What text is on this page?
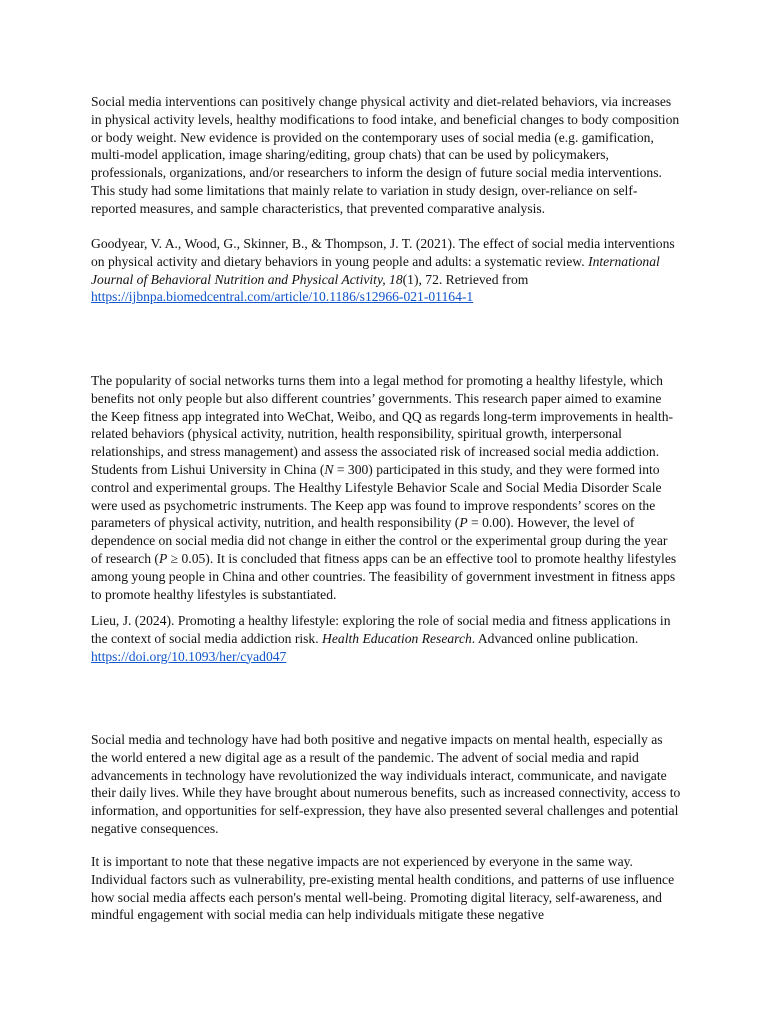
Social media interventions can positively change physical activity and diet-related behaviors, via increases in physical activity levels, healthy modifications to food intake, and beneficial changes to body composition or body weight. New evidence is provided on the contemporary uses of social media (e.g. gamification, multi-model application, image sharing/editing, group chats) that can be used by policymakers, professionals, organizations, and/or researchers to inform the design of future social media interventions. This study had some limitations that mainly relate to variation in study design, over-reliance on self-reported measures, and sample characteristics, that prevented comparative analysis.

Goodyear, V. A., Wood, G., Skinner, B., & Thompson, J. T. (2021). The effect of social media interventions on physical activity and dietary behaviors in young people and adults: a systematic review. International Journal of Behavioral Nutrition and Physical Activity, 18(1), 72. Retrieved from https://ijbnpa.biomedcentral.com/article/10.1186/s12966-021-01164-1

The popularity of social networks turns them into a legal method for promoting a healthy lifestyle, which benefits not only people but also different countries’ governments. This research paper aimed to examine the Keep fitness app integrated into WeChat, Weibo, and QQ as regards long-term improvements in health-related behaviors (physical activity, nutrition, health responsibility, spiritual growth, interpersonal relationships, and stress management) and assess the associated risk of increased social media addiction. Students from Lishui University in China (N = 300) participated in this study, and they were formed into control and experimental groups. The Healthy Lifestyle Behavior Scale and Social Media Disorder Scale were used as psychometric instruments. The Keep app was found to improve respondents’ scores on the parameters of physical activity, nutrition, and health responsibility (P = 0.00). However, the level of dependence on social media did not change in either the control or the experimental group during the year of research (P ≥ 0.05). It is concluded that fitness apps can be an effective tool to promote healthy lifestyles among young people in China and other countries. The feasibility of government investment in fitness apps to promote healthy lifestyles is substantiated.

Lieu, J. (2024). Promoting a healthy lifestyle: exploring the role of social media and fitness applications in the context of social media addiction risk. Health Education Research. Advanced online publication. https://doi.org/10.1093/her/cyad047

Social media and technology have had both positive and negative impacts on mental health, especially as the world entered a new digital age as a result of the pandemic. The advent of social media and rapid advancements in technology have revolutionized the way individuals interact, communicate, and navigate their daily lives. While they have brought about numerous benefits, such as increased connectivity, access to information, and opportunities for self-expression, they have also presented several challenges and potential negative consequences.

It is important to note that these negative impacts are not experienced by everyone in the same way. Individual factors such as vulnerability, pre-existing mental health conditions, and patterns of use influence how social media affects each person's mental well-being. Promoting digital literacy, self-awareness, and mindful engagement with social media can help individuals mitigate these negative
